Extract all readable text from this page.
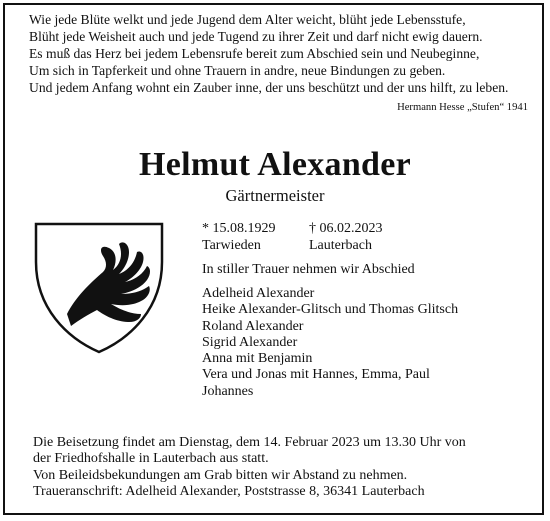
Wie jede Blüte welkt und jede Jugend dem Alter weicht, blüht jede Lebensstufe,
Blüht jede Weisheit auch und jede Tugend zu ihrer Zeit und darf nicht ewig dauern.
Es muß das Herz bei jedem Lebensrufe bereit zum Abschied sein und Neubeginne,
Um sich in Tapferkeit und ohne Trauern in andre, neue Bindungen zu geben.
Und jedem Anfang wohnt ein Zauber inne, der uns beschützt und der uns hilft, zu leben.
Hermann Hesse „Stufen“ 1941
Helmut Alexander
Gärtnermeister
* 15.08.1929
Tarwieden
† 06.02.2023
Lauterbach
In stiller Trauer nehmen wir Abschied
Adelheid Alexander
Heike Alexander-Glitsch und Thomas Glitsch
Roland Alexander
Sigrid Alexander
Anna mit Benjamin
Vera und Jonas mit Hannes, Emma, Paul
Johannes
Die Beisetzung findet am Dienstag, dem 14. Februar 2023 um 13.30 Uhr von
der Friedhofshalle in Lauterbach aus statt.
Von Beileidsbekundungen am Grab bitten wir Abstand zu nehmen.
Traueranschrift: Adelheid Alexander, Poststrasse 8, 36341 Lauterbach
